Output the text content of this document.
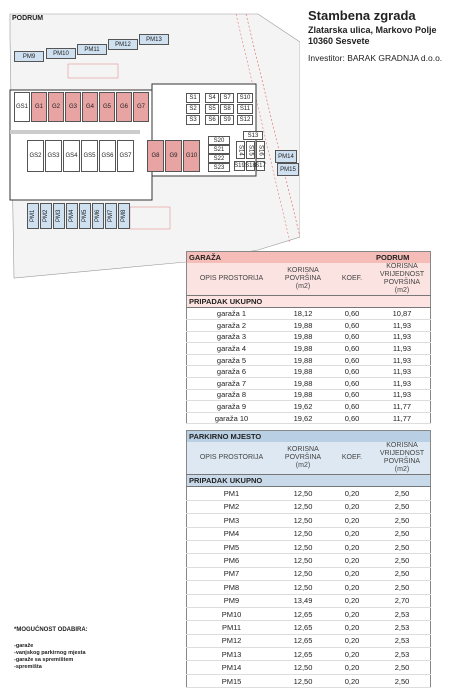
Stambena zgrada
Zlatarska ulica, Markovo Polje
10360 Sesvete
Investitor: BARAK GRADNJA d.o.o.
PODRUM
PM9	PM10
PM11
PM12
PM13
GS1	G1	G2	G3	G4	G5	G6	G7
GS2 GS3 GS4 GS5 GS6 GS7	G8	G9	G10
S1
S2
S3
S4
S5
S6
S7
S8
S9
S10
S11
S12
S13
S14 S15 S16
S17
S18
S19
S20
S21
S22
S23
PM14
PM15
PM1	PM2	PM3	PM4	PM5	PM6	PM7	PM8
GARAŽA			PODRUM
OPIS PROSTORIJA	KORISNA POVRŠINA (m2)	KOEF.	KORISNA VRIJEDNOST POVRŠINA (m2)
PRIPADAK UKUPNO			
garaža 1	18,12	0,60	10,87
garaža 2	19,88	0,60	11,93
garaža 3	19,88	0,60	11,93
garaža 4	19,88	0,60	11,93
garaža 5	19,88	0,60	11,93
garaža 6	19,88	0,60	11,93
garaža 7	19,88	0,60	11,93
garaža 8	19,88	0,60	11,93
garaža 9	19,62	0,60	11,77
garaža 10	19,62	0,60	11,77
PARKIRNO MJESTO			
OPIS PROSTORIJA	KORISNA POVRŠINA (m2)	KOEF.	KORISNA VRIJEDNOST POVRŠINA (m2)
PRIPADAK UKUPNO			
PM1	12,50	0,20	2,50
PM2	12,50	0,20	2,50
PM3	12,50	0,20	2,50
PM4	12,50	0,20	2,50
PM5	12,50	0,20	2,50
PM6	12,50	0,20	2,50
PM7	12,50	0,20	2,50
PM8	12,50	0,20	2,50
PM9	13,49	0,20	2,70
PM10	12,65	0,20	2,53
PM11	12,65	0,20	2,53
PM12	12,65	0,20	2,53
PM13	12,65	0,20	2,53
PM14	12,50	0,20	2,50
PM15	12,50	0,20	2,50
*MOGUĆNOST ODABIRA:
-garaže
-vanjskog parkirnog mjesta
-garaže sa spremištem
-spremišta
